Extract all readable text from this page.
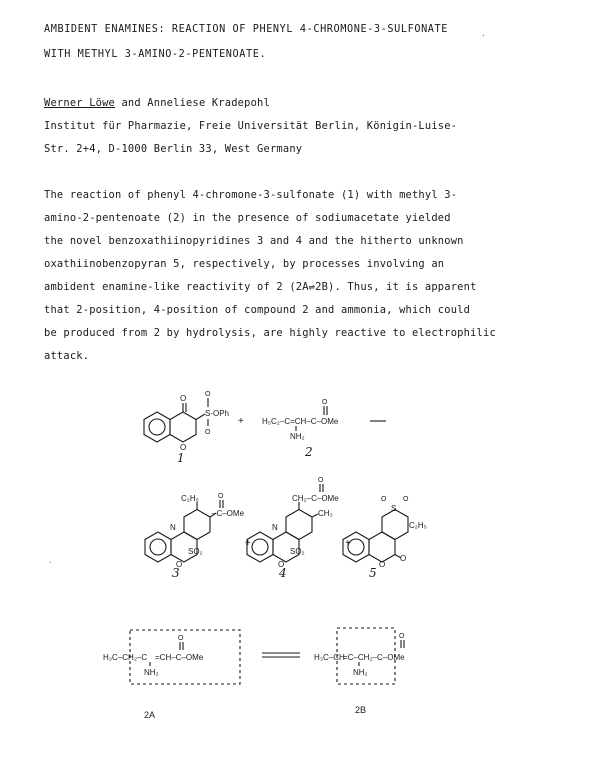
AMBIDENT ENAMINES: REACTION OF PHENYL 4-CHROMONE-3-SULFONATE
WITH METHYL 3-AMINO-2-PENTENOATE.
Werner Löwe and Anneliese Kradepohl
Institut für Pharmazie, Freie Universität Berlin, Königin-Luise-
Str. 2+4, D-1000 Berlin 33, West Germany
The reaction of phenyl 4-chromone-3-sulfonate (1) with methyl 3-
amino-2-pentenoate (2) in the presence of sodiumacetate yielded
the novel benzoxathiinopyridines 3 and 4 and the hitherto unknown
oxathiinobenzopyran 5, respectively, by processes involving an
ambident enamine-like reactivity of 2 (2A⇌2B). Thus, it is apparent
that 2-position, 4-position of compound 2 and ammonia, which could
be produced from 2 by hydrolysis, are highly reactive to electrophilic
attack.
·
·
O
S-OPh
O
O
O
1
+ H₅C₂–C=CH–C–OMe
O
NH₂
2
N
O
SO₂
C₂H₅
–C–OMe
O
3
+
N
O
SO₂
CH₂–C–OMe
O
CH₃
4
+
O
O
S
O O
C₂H₅
5
H₃C–CH₂–C =CH–C–OMe
O
NH₂
2A
H₃C–CH
=C–CH₂–C–OMe
O
NH₂
2B
